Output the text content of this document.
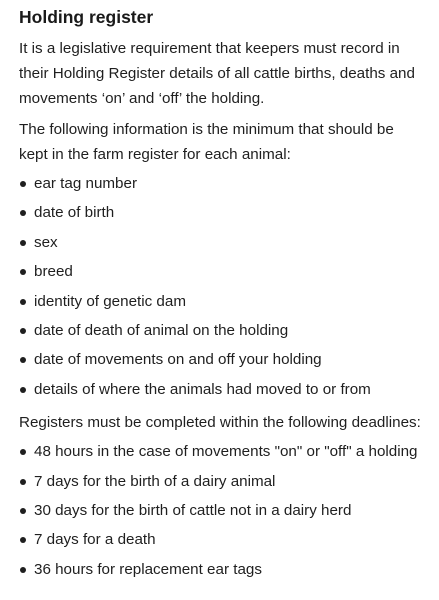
Holding register

It is a legislative requirement that keepers must record in their Holding Register details of all cattle births, deaths and movements ‘on’ and ‘off’ the holding.

The following information is the minimum that should be kept in the farm register for each animal:

ear tag number
date of birth
sex
breed
identity of genetic dam
date of death of animal on the holding
date of movements on and off your holding
details of where the animals had moved to or from

Registers must be completed within the following deadlines:

48 hours in the case of movements "on" or "off" a holding
7 days for the birth of a dairy animal
30 days for the birth of cattle not in a dairy herd
7 days for a death
36 hours for replacement ear tags
